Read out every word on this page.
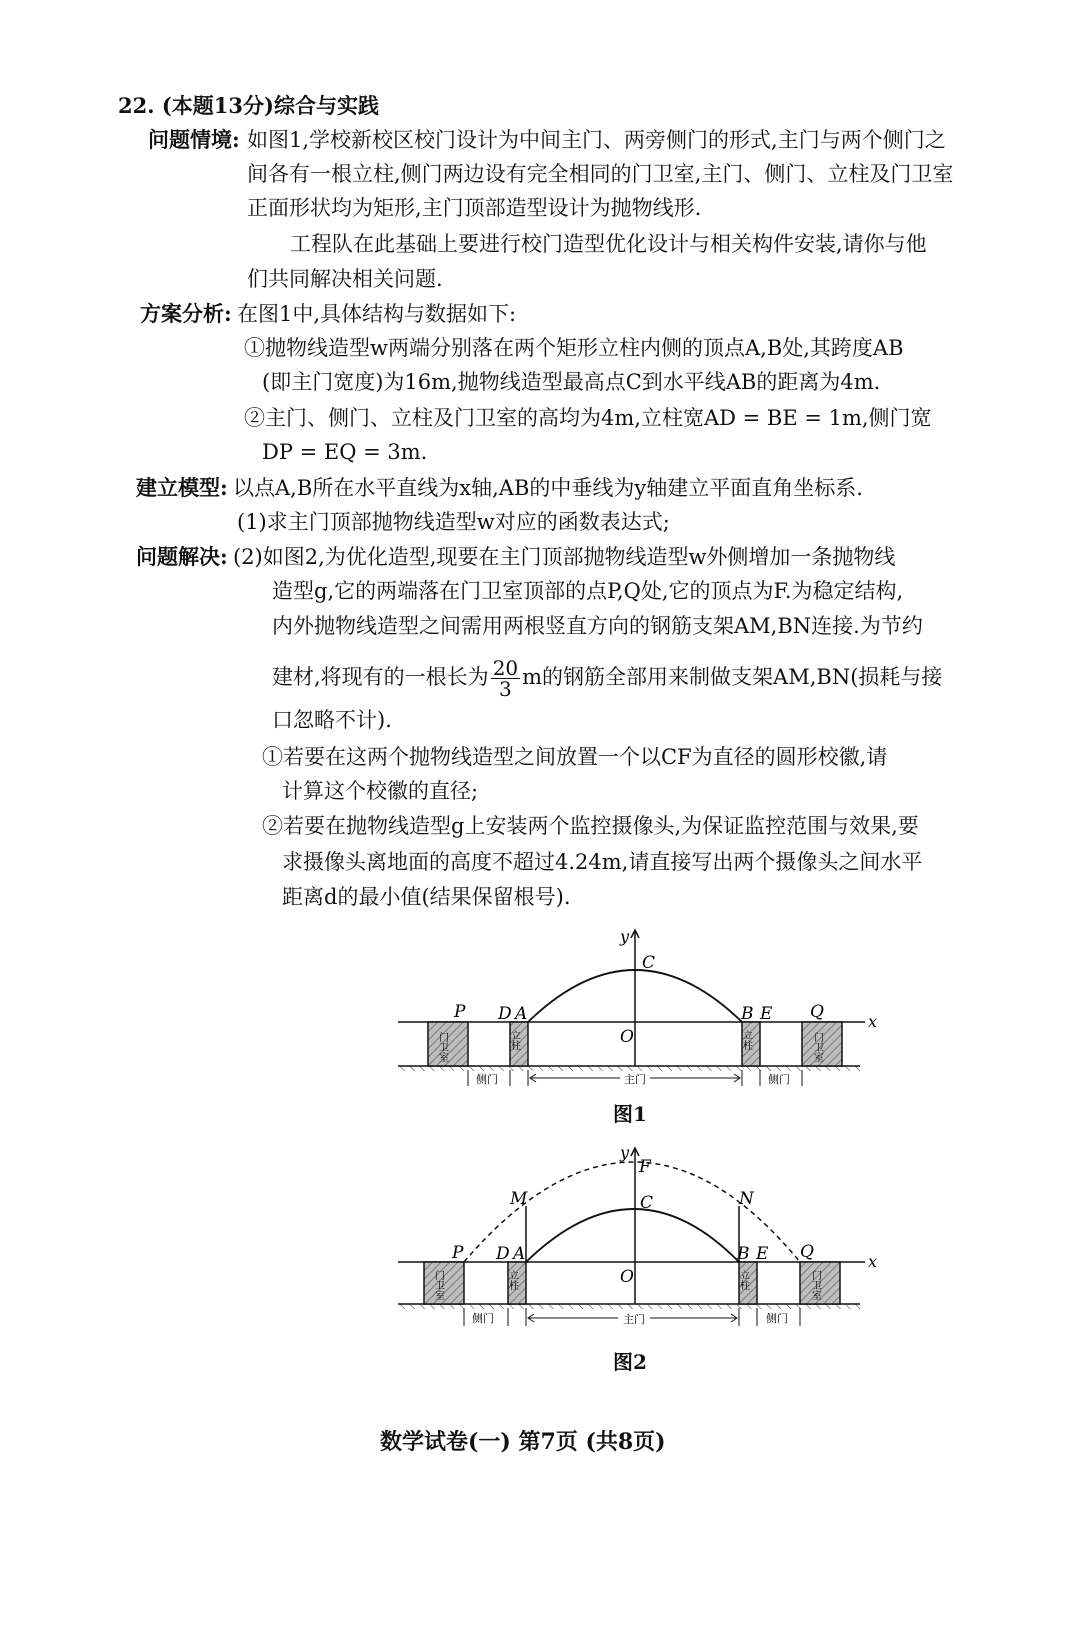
22. (本题13分)综合与实践
问题情境: 如图1,学校新校区校门设计为中间主门、两旁侧门的形式,主门与两个侧门之
间各有一根立柱,侧门两边设有完全相同的门卫室,主门、侧门、立柱及门卫室
正面形状均为矩形,主门顶部造型设计为抛物线形.
工程队在此基础上要进行校门造型优化设计与相关构件安装,请你与他
们共同解决相关问题.
方案分析: 在图1中,具体结构与数据如下:
①抛物线造型w两端分别落在两个矩形立柱内侧的顶点A,B处,其跨度AB
(即主门宽度)为16m,抛物线造型最高点C到水平线AB的距离为4m.
②主门、侧门、立柱及门卫室的高均为4m,立柱宽AD = BE = 1m,侧门宽
DP = EQ = 3m.
建立模型: 以点A,B所在水平直线为x轴,AB的中垂线为y轴建立平面直角坐标系.
(1)求主门顶部抛物线造型w对应的函数表达式;
问题解决: (2)如图2,为优化造型,现要在主门顶部抛物线造型w外侧增加一条抛物线
造型g,它的两端落在门卫室顶部的点P,Q处,它的顶点为F.为稳定结构,
内外抛物线造型之间需用两根竖直方向的钢筋支架AM,BN连接.为节约
建材,将现有的一根长为 $\frac{20}{3}$ m的钢筋全部用来制做支架AM,BN(损耗与接
口忽略不计).
①若要在这两个抛物线造型之间放置一个以CF为直径的圆形校徽,请
计算这个校徽的直径;
②若要在抛物线造型g上安装两个监控摄像头,为保证监控范围与效果,要
求摄像头离地面的高度不超过4.24m,请直接写出两个摄像头之间水平
距离d的最小值(结果保留根号).
x
y
门卫室	门卫室
立柱	立柱
C
O
P D A	B E Q
侧门	侧门
主门
图1
x
y
门卫室	门卫室
立柱	立柱
F
C
M	N
O
P D A	B E Q
侧门	侧门
主门
图2
数学试卷(一) 第7页 (共8页)
